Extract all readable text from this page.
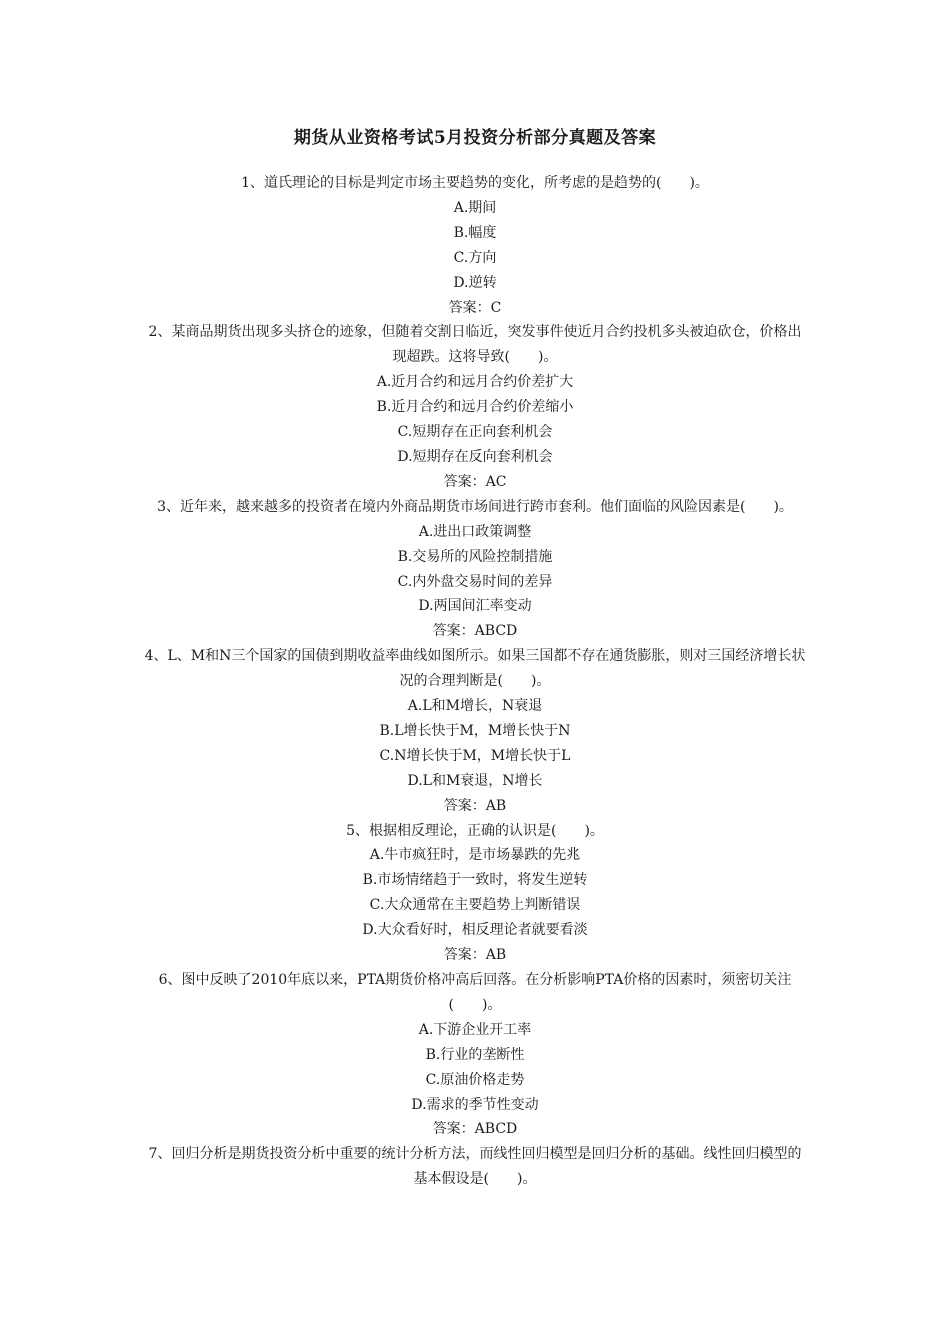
期货从业资格考试5月投资分析部分真题及答案

1、道氏理论的目标是判定市场主要趋势的变化，所考虑的是趋势的(　　)。

A.期间

B.幅度

C.方向

D.逆转

答案：C

2、某商品期货出现多头挤仓的迹象，但随着交割日临近，突发事件使近月合约投机多头被迫砍仓，价格出现超跌。这将导致(　　)。

A.近月合约和远月合约价差扩大

B.近月合约和远月合约价差缩小

C.短期存在正向套利机会

D.短期存在反向套利机会

答案：AC

3、近年来，越来越多的投资者在境内外商品期货市场间进行跨市套利。他们面临的风险因素是(　　)。

A.进出口政策调整

B.交易所的风险控制措施

C.内外盘交易时间的差异

D.两国间汇率变动

答案：ABCD

4、L、M和N三个国家的国债到期收益率曲线如图所示。如果三国都不存在通货膨胀，则对三国经济增长状况的合理判断是(　　)。

A.L和M增长，N衰退

B.L增长快于M，M增长快于N

C.N增长快于M，M增长快于L

D.L和M衰退，N增长

答案：AB

5、根据相反理论，正确的认识是(　　)。

A.牛市疯狂时，是市场暴跌的先兆

B.市场情绪趋于一致时，将发生逆转

C.大众通常在主要趋势上判断错误

D.大众看好时，相反理论者就要看淡

答案：AB

6、图中反映了2010年底以来，PTA期货价格冲高后回落。在分析影响PTA价格的因素时，须密切关注(　　)。

A.下游企业开工率

B.行业的垄断性

C.原油价格走势

D.需求的季节性变动

答案：ABCD

7、回归分析是期货投资分析中重要的统计分析方法，而线性回归模型是回归分析的基础。线性回归模型的基本假设是(　　)。
